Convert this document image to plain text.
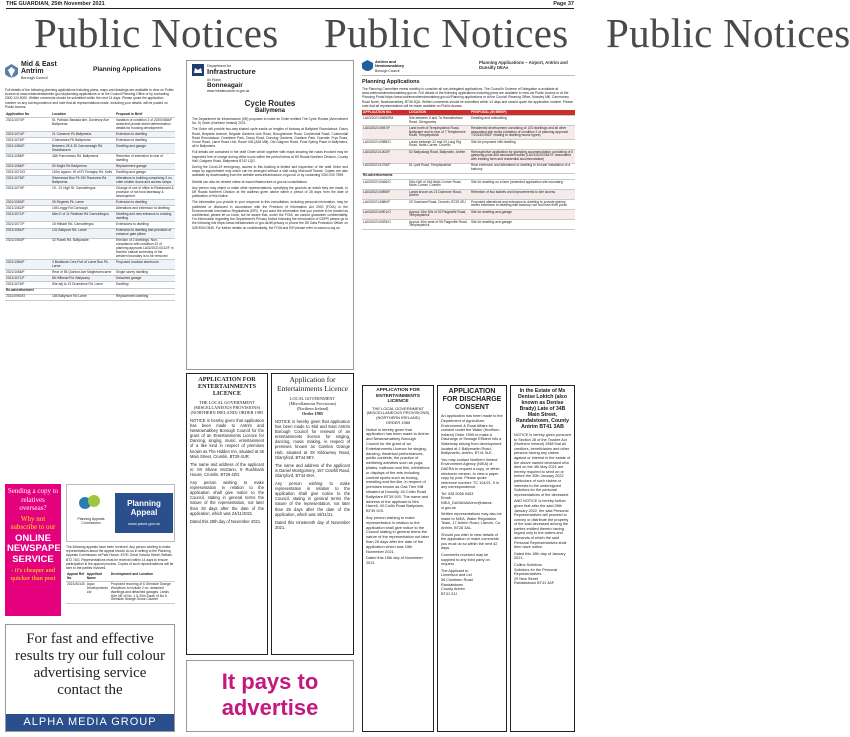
THE GUARDIAN, 25th November 2021	Page 37
Public Notices Public Notices Public Notices
Mid & East
Antrim
Borough Council
Planning Applications
Full details of the following planning applications including plans, maps and drawings are available to view on Public Access at www.midandeastantrim.gov.uk/planning-applications or at the Council Planning Office or by contacting 0300 124 5000. Written comments should be submitted within the next 14 days. Please quote the application number on any correspondence and note that all representations made, including your details, will be posted on Public Access.
Application No	Location	Proposal in Brief
2021/1070/F	St. Patricks Banada site, Dunlevey Ave Ballymena	Variation of condition 2 of 2020/0684/F amended private street determination details for housing development
2021/1074/F	21 Cameron Pk Ballymena	Extension to dwelling
2021/1076/F	2 Alexandra Pk Ballymena	Extension to dwelling
2021/1080/F	Between 28 & 30 Carrowreagh Rd Straidhavern	Dwelling and garage
2021/1085/F	48A Frenchtown Rd. Ballymena	Retention of extension to rear of dwelling
2021/1086/F	50 Bright Rd Ballymena	Replacement garage
2021/1072/O	110m approx. W of 57 Fenaghy Rd. Kells	Dwelling and garage
2021/1078/F	Silverwood Bus Pk 190 Raceview Rd. Ballymena	Alterations to building comprising 3 no. roller shutter doors and access ramps
2021/1079/F	19 - 21 High St. Carnckfergus	Change of use of office to Restaurant & provision of hot food takeaway & development
2021/1083/F	39 Regents Pk. Larne	Extension to dwelling
2021/1082/F	105 Leggy Rd Carnough	Alterations and extension to dwelling
2021/1071/F	66m E of 11 Redbrae Rd Carnckfergus	Dwelling and new entrance to existing dwelling
2021/1077/F	18 Hillside Rd. Carnckfergus	Extensions to dwelling
2021/1081/F	131 Ballycorr Rd. Larne	Extension to dwelling and provision of entrance gate pillars
2021/1060/F	32 Rosek Rd. Ballycastle	Erection of 2 dwellings. Non-compliance with condition 22 of planning approval LA02/2021/0212/F in that the natural screening of the western boundary is to be removed
2021/1084/F	3 Bedlands Cres Port of Larne Bus Pk. Larne	Proposed modular storeroom
2021/1066/F	Rear of 55 Quinton Ave Magheramourne	Single storey dwelling
2021/1071/F	88 Hillhead Rd. Ballycarry	Detached garage
2021/1076/F	Site adj to 13 Drumahoe Rd. Larne	Dwelling
Re-advertisement		
2021/0950/O	165 Ballynure Rd Larne	Replacement dwelling
Sending a copy to relatives overseas?
Why not subscribe to our
ONLINE NEWSPAPER SERVICE
- it's cheaper and quicker than post
Planning Appeals Commission
Planning Appeal
www.pacni.gov.uk
The following appeals have been received. Any person wishing to make representations about the appeal should do so in writing to the Planning Appeals Commission at Park House, 87/91 Great Victoria Street, Belfast, BT2 7AG. Representations must be received within 14 days to ensure participation in the appeal process. Copies of such representations will be sent to the parties involved.
Appeal Ref No	Appellant Name	Development and Location
2021/A0140	Aquo Developments Ltd	Proposed rezoning of 6 Glenside Grange Woodburn to include 2 no. detached dwellings and detached garages. Lands 40m NE of No. 1 & 20m South of No.5 Glenside Grange Gross Counter
For fast and effective results try our full colour advertising service contact the
ALPHA MEDIA GROUP
Department for
Infrastructure
An Roinn
Bonneagair
www.infrastructure-ni.gov.uk
Cycle Routes
Ballymena

The Department for Infrastructure (DfI) proposes to make an Order entitled The Cycle Routes (Amendment No. 5) Order (Northern Ireland) 2021.

The Order will provide two-way shared cycle tracks on lengths of footway at Ballykeel Roundabout, Doury Road, Brayside Avenue, Brigade Gardens Link Road, Broughshane Road, Cushendall Road, Cushendall Road Roundabout, Drumfane Park, Doury Road, Dunclug Gardens, Dunfane Park, Dunvale, Frys Road, Grove Road, Larne Road Link, Route 436 (A36 Mill), Old Galgorm Road, Pond Spring Place in Ballymena, all in Ballymena.

Full details are contained in the draft Order which together with maps showing the roads involved may be inspected free of charge during office hours within the period below at DfI Roads Northern Division, County Hall, Galgorm Road, Ballymena BT42 1QG.

During the Covid-19 emergency, access to this building is limited and inspection of the draft Order and maps by appointment only which can be arranged without a visit using Microsoft Teams. Copies are also available by downloading from the website www.infrastructure-ni.gov.uk or by contacting 0300 200 7899.

Details can also be viewed online at www.infrastructure-ni.gov.uk consultations.

Any person may object or make other representations, specifying the grounds on which they are made, to DfI Roads Northern Division at the address given above within a period of 28 days from the date of publication of this Notice.

The information you provide in your response to this consultation, including personal information, may be published or disclosed in accordance with the Freedom of Information Act 2000 (FOIA) or the Environmental Information Regulations (EIR). If you want the information that you provide to be treated as confidential, please let us know, but be aware that, under the FOIA, we cannot guarantee confidentiality. For information regarding the Department's Privacy Notice following the introduction of GDPR please go to the following link https://www.infrastructure-ni.gov.uk/dfi-privacy or phone the DfI Data Protection Officer on 028 9054 0540. For further details on confidentiality, the FOIA and EIR please refer to www.ico.org.uk.

APPLICATION FOR ENTERTAINMENTS LICENCE
THE LOCAL GOVERNMENT
(MISCELLANEOUS PROVISIONS)
(NORTHERN IRELAND) ORDER 1985

NOTICE is hereby given that application has been made to Antrim and Newtownabbey Borough Council for the grant of an Entertainments Licence for Dancing, singing, music, entertainment of a like kind in respect of premises known as The Hidden Inn, situated at 36 Main Street, Crumlin, BT29 4UR.

The name and address of the applicant is: Mr Shane McGann, 9 Rushbank House, Crumlin, BT29 4ZG.

Any person wishing to make representation in relation to the application shall give notice to the Council, stating in general terms the nature of the representation, not later than 28 days after the date of the application, which was 24/11/2021.

Dated this 25th day of November 2021.

Application for Entertainments Licence
LOCAL GOVERNMENT
(Miscellaneous Provisions)
(Northern Ireland)
Order 1985

NOTICE is hereby given that application has been made to Mid and East Antrim Borough Council for renewal of an entertainments licence for singing, dancing, music making, in respect of premises known as Carnlea Grange Hub, situated at 28 Kildowney Road, Glarryford, BT44 9EY.

The name and address of the applicant is Daniel Montgomery, 157 Cranfill Road, Glarryford, BT44 9HA.

Any person wishing to make representation in relation to the application shall give notice to the Council, stating in general terms the nature of the representation, not later than 28 days after the date of the application, which was 19/11/21.

Dated this nineteenth day of November 2021.

It pays to
advertise
Antrim and
Newtownabbey
Borough Council
Planning Applications – Airport, Antrim and Dunsilly DEAs
Planning Applications
The Planning Committee meets monthly to consider all non-delegated applications. The Council's Scheme of Delegation is available at www.antrimandnewtownabbey.gov.uk. Full details of the following applications including plans are available to view via Public Access or at the Planning Portal https://www.antrimandnewtownabbey.gov.uk/Planning-applications or at the Council Planning Office, Mossley Mill, Carnmoney Road North, Newtownabbey, BT36 5QA. Written comments should be submitted within 14 days and should quote the application number. Please note that all representations will be made available on Public Access.
APPLICATION NO.	LOCATION	PROPOSAL (IN BRIEF)
LA03/2021/0665/RM	Site between 6 and 7a Hannahstown Road, Glengomley	Dwelling and outbuilding
LA03/2021/0947/F	Land north of Templepatrick Road, Ballyclare and to rear of 7 Templemore Road, Templepatrick	Residential development consisting of 103 dwellings and all other associated site works (variation of condition 2 of planning approval T/2014/0392/F relating to dwelling house types)
LA03/2021/0988/O	Lands between 22 and 24 Long Rig Road, Nutts Corner, Crumlin	Site for proposed infill dwelling
LA03/2021/1002/F	52 Ballyutoag Road, Ballyrobin, Antrim	Retrospective application for glamping accommodation consisting of 5 glamping pods and associated works (LA03/2020/0647/F associated with existing farm and residential accommodation)
LA03/2021/1078/F	51 Lyell Road, Templepatrick	Rear extension and alterations to dwelling to include installation of a balcony
Re-advertisements		
LA03/2021/0466/O	50m NW of 19A Nutts Corner Road, Nutts Corner, Crumlin	Site for dwelling on a farm (amended application site boundary)
LA03/2021/0895/F	Lands known as 21 Dunmore Road, Antrim	Retention of two stables and improvements to site access
LA03/2021/0880/F	29 Townland Road, Crumlin, BT29 4EJ	Proposed alterations and extension to dwelling to provide granny annex extension to dwelling with balcony roof and new front porch
LA03/2021/0901/O	Approx 15m NW of 93 Paigeville Road, Templepatrick	Site for dwelling and garage
LA03/2021/0925/O	Approx 40m west of 95 Paigeville Road, Templepatrick	Site for dwelling and garage
APPLICATION FOR ENTERTAINMENTS LICENCE
THE LOCAL GOVERNMENT
(MISCELLANEOUS PROVISIONS)
(NORTHERN IRELAND)
ORDER 1985

Notice is hereby given that application has been made to Antrim and Newtownabbey Borough Council for the grant of an Entertainments Licence for singing, dancing, theatrical performances, public contests, the practice of wellbeing activities such as yoga, pilates, ballroom and film, exhibitions or displays of the arts including combat sports such as boxing, wrestling and the like, in respect of premises known as Oak Tree Mill situated at Dunsilly, 40 Collin Road Ballyclare BT39 9JS. The name and address of the applicant is Mrs Harrell, 40 Collin Road Ballyclare, BT39 9JS.

Any person wishing to make representation in relation to the application shall give notice to the Council stating in general terms the nature of the representation not later than 28 days after the date of the application which was 15th November 2021.

Dated this 15th day of November 2021

APPLICATION FOR DISCHARGE CONSENT

An application has been made to the Department of Agriculture, Environment & Rural Affairs for consent under the Water (Northern Ireland) Order 1999 to make a Discharge of Sewage Effluent into a Waterway arising from development located at 1 Ballymartin Road, Ballymartin, Antrim, BT41 5LE.

You may contact Northern Ireland Environment Agency (NIEA) of DAERA to request a copy, or either electronic version, to view a paper copy by post. Please quote reference number: TC 104/21, 5 in any correspondence.

Tel: 028 9056 9453

Email: NIEA_DASAMAAIenv@daera-ni.gov.uk

Written representations may also be made to NIEA, Water Regulation Team, 17 Antrim Road, Lisburn, Co. Antrim, BT28 3AL.

Should you wish to view details of the application or make comments you must do so within the next 42 days.

Comments received may be supplied to any third party on request.

The Applicant is:

Lisneilson and Ltd

56 Clonbeen Road

Randalstown

County Antrim

BT41 3JJ

In the Estate of Ms Denise Loktch (also known as Denise Brady) Late of 34B Main Street, Randalstown, County Antrim BT41 3AB

NOTICE is hereby given pursuant to Section 28 of the Trustee Act (Northern Ireland) 1958 that all creditors, beneficiaries and other persons having any claims against or interest in the estate of the above named deceased who died on the 4th May 2021 are hereby required to send on or before the 30th January 2022 particulars of such claims or interests to the undersigned Solicitors for the personal representatives of the deceased.

AND NOTICE is hereby further given that after the said 28th January 2022, the said Personal Representatives will proceed to convey or distribute the property of the said deceased among the parties entitled thereto having regard only to the claims and demands of which the said Personal Representatives shall then have notice.

Dated this 18th day of January 2021.

Collins Solicitors

Solicitors for the Personal Representatives

29 New Street

Randalstown BT41 3AF
